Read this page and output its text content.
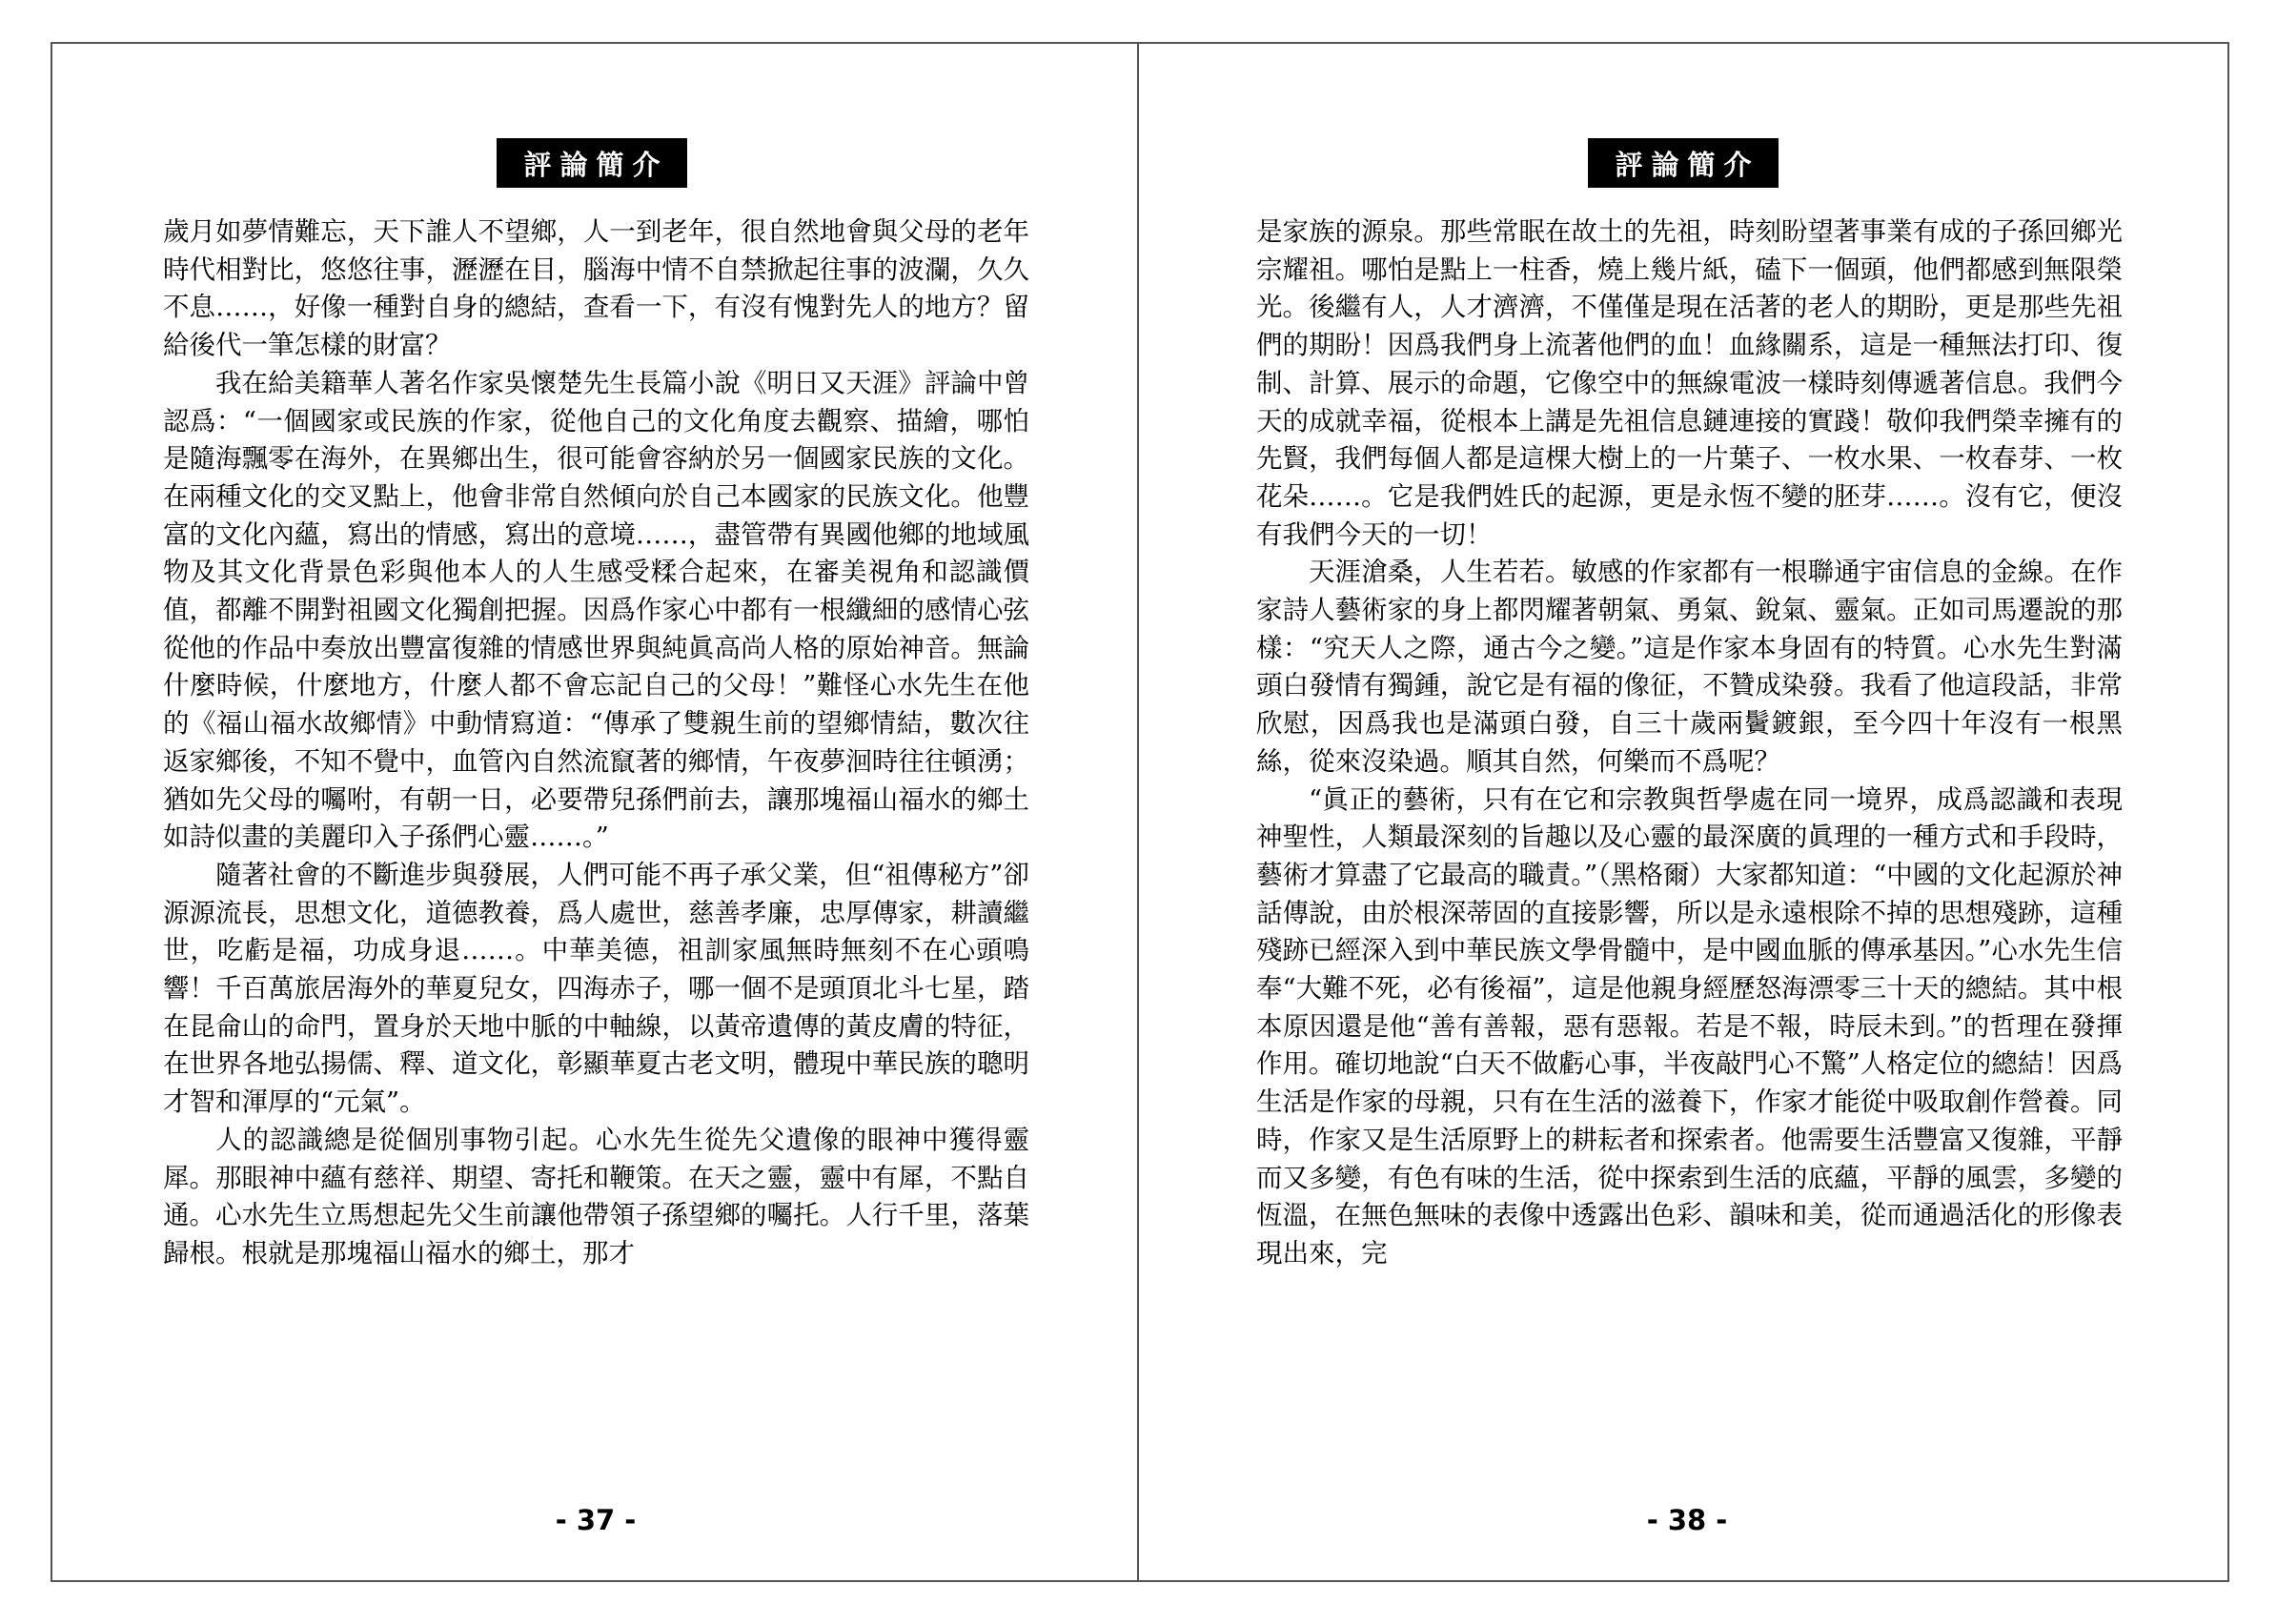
評論簡介

歲月如夢情難忘，天下誰人不望鄉，人一到老年，很自然地會與父母的老年時代相對比，悠悠往事，瀝瀝在目，腦海中情不自禁掀起往事的波瀾，久久不息……，好像一種對自身的總結，查看一下，有沒有愧對先人的地方？留給後代一筆怎樣的財富？

我在給美籍華人著名作家吳懷楚先生長篇小說《明日又天涯》評論中曾認爲：“一個國家或民族的作家，從他自己的文化角度去觀察、描繪，哪怕是隨海飄零在海外，在異鄉出生，很可能會容納於另一個國家民族的文化。在兩種文化的交叉點上，他會非常自然傾向於自己本國家的民族文化。他豐富的文化內蘊，寫出的情感，寫出的意境……，盡管帶有異國他鄉的地域風物及其文化背景色彩與他本人的人生感受糅合起來，在審美視角和認識價值，都離不開對祖國文化獨創把握。因爲作家心中都有一根纖細的感情心弦從他的作品中奏放出豐富復雜的情感世界與純眞高尚人格的原始神音。無論什麼時候，什麼地方，什麼人都不會忘記自己的父母！”難怪心水先生在他的《福山福水故鄉情》中動情寫道：“傳承了雙親生前的望鄉情結，數次往返家鄉後，不知不覺中，血管內自然流竄著的鄉情，午夜夢洄時往往頓湧；猶如先父母的囑咐，有朝一日，必要帶兒孫們前去，讓那塊福山福水的鄉土如詩似畫的美麗印入子孫們心靈……。”

隨著社會的不斷進步與發展，人們可能不再子承父業，但“祖傳秘方”卻源源流長，思想文化，道德教養，爲人處世，慈善孝廉，忠厚傳家，耕讀繼世，吃虧是福，功成身退……。中華美德，祖訓家風無時無刻不在心頭鳴響！千百萬旅居海外的華夏兒女，四海赤子，哪一個不是頭頂北斗七星，踏在昆侖山的命門，置身於天地中脈的中軸線，以黃帝遺傳的黃皮膚的特征，在世界各地弘揚儒、釋、道文化，彰顯華夏古老文明，體現中華民族的聰明才智和渾厚的“元氣”。

人的認識總是從個別事物引起。心水先生從先父遺像的眼神中獲得靈犀。那眼神中蘊有慈祥、期望、寄托和鞭策。在天之靈，靈中有犀，不點自通。心水先生立馬想起先父生前讓他帶領子孫望鄉的囑托。人行千里，落葉歸根。根就是那塊福山福水的鄉土，那才

- 37 -
評論簡介

是家族的源泉。那些常眠在故土的先祖，時刻盼望著事業有成的子孫回鄉光宗耀祖。哪怕是點上一柱香，燒上幾片紙，磕下一個頭，他們都感到無限榮光。後繼有人，人才濟濟，不僅僅是現在活著的老人的期盼，更是那些先祖們的期盼！因爲我們身上流著他們的血！血緣關系，這是一種無法打印、復制、計算、展示的命題，它像空中的無線電波一樣時刻傳遞著信息。我們今天的成就幸福，從根本上講是先祖信息鏈連接的實踐！敬仰我們榮幸擁有的先賢，我們每個人都是這棵大樹上的一片葉子、一枚水果、一枚春芽、一枚花朵……。它是我們姓氏的起源，更是永恆不變的胚芽……。沒有它，便沒有我們今天的一切！

天涯滄桑，人生若若。敏感的作家都有一根聯通宇宙信息的金線。在作家詩人藝術家的身上都閃耀著朝氣、勇氣、銳氣、靈氣。正如司馬遷說的那樣：“究天人之際，通古今之變。”這是作家本身固有的特質。心水先生對滿頭白發情有獨鍾，說它是有福的像征，不贊成染發。我看了他這段話，非常欣慰，因爲我也是滿頭白發，自三十歲兩鬢鍍銀，至今四十年沒有一根黑絲，從來沒染過。順其自然，何樂而不爲呢？

“眞正的藝術，只有在它和宗教與哲學處在同一境界，成爲認識和表現神聖性，人類最深刻的旨趣以及心靈的最深廣的眞理的一種方式和手段時，藝術才算盡了它最高的職責。”（黑格爾）大家都知道：“中國的文化起源於神話傳說，由於根深蒂固的直接影響，所以是永遠根除不掉的思想殘跡，這種殘跡已經深入到中華民族文學骨髓中，是中國血脈的傳承基因。”心水先生信奉“大難不死，必有後福”，這是他親身經歷怒海漂零三十天的總結。其中根本原因還是他“善有善報，惡有惡報。若是不報，時辰未到。”的哲理在發揮作用。確切地說“白天不做虧心事，半夜敲門心不驚”人格定位的總結！因爲生活是作家的母親，只有在生活的滋養下，作家才能從中吸取創作營養。同時，作家又是生活原野上的耕耘者和探索者。他需要生活豐富又復雜，平靜而又多變，有色有味的生活，從中探索到生活的底蘊，平靜的風雲，多變的恆溫，在無色無味的表像中透露出色彩、韻味和美，從而通過活化的形像表現出來，完

- 38 -
